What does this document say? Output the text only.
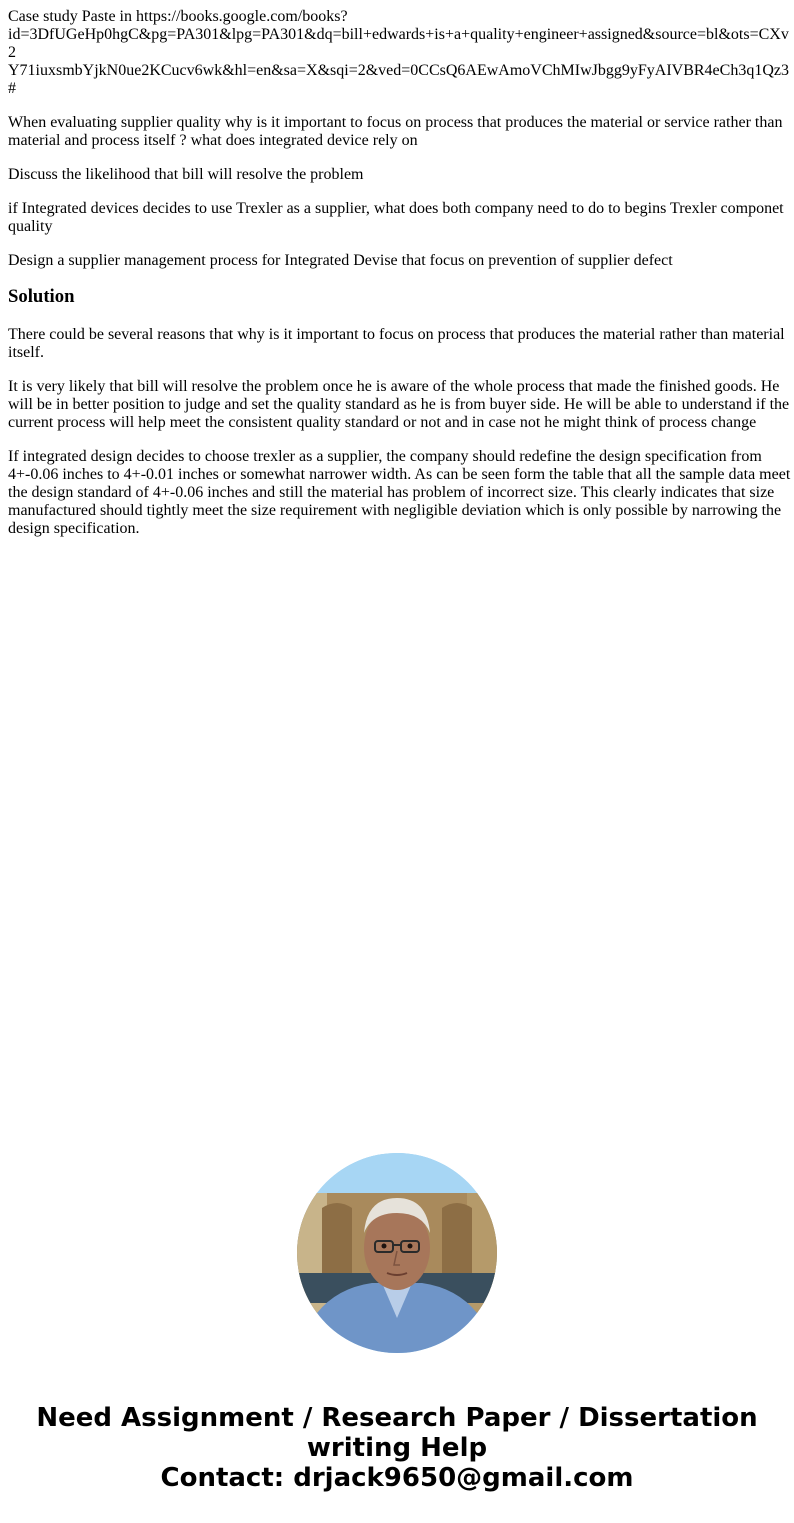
Case study Paste in https://books.google.com/books?
id=3DfUGeHp0hgC&pg=PA301&lpg=PA301&dq=bill+edwards+is+a+quality+engineer+assigned&source=bl&ots=CXv2
Y71iuxsmbYjkN0ue2KCucv6wk&hl=en&sa=X&sqi=2&ved=0CCsQ6AEwAmoVChMIwJbgg9yFyAIVBR4eCh3q1Qz3#

When evaluating supplier quality why is it important to focus on process that produces the material or service rather than material and process itself ? what does integrated device rely on

Discuss the likelihood that bill will resolve the problem

if Integrated devices decides to use Trexler as a supplier, what does both company need to do to begins Trexler componet quality

Design a supplier management process for Integrated Devise that focus on prevention of supplier defect

Solution

There could be several reasons that why is it important to focus on process that produces the material rather than material itself.

It is very likely that bill will resolve the problem once he is aware of the whole process that made the finished goods. He will be in better position to judge and set the quality standard as he is from buyer side. He will be able to understand if the current process will help meet the consistent quality standard or not and in case not he might think of process change

If integrated design decides to choose trexler as a supplier, the company should redefine the design specification from 4+-0.06 inches to 4+-0.01 inches or somewhat narrower width. As can be seen form the table that all the sample data meet the design standard of 4+-0.06 inches and still the material has problem of incorrect size. This clearly indicates that size manufactured should tightly meet the size requirement with negligible deviation which is only possible by narrowing the design specification.

Need Assignment / Research Paper / Dissertation
writing Help
Contact: drjack9650@gmail.com
